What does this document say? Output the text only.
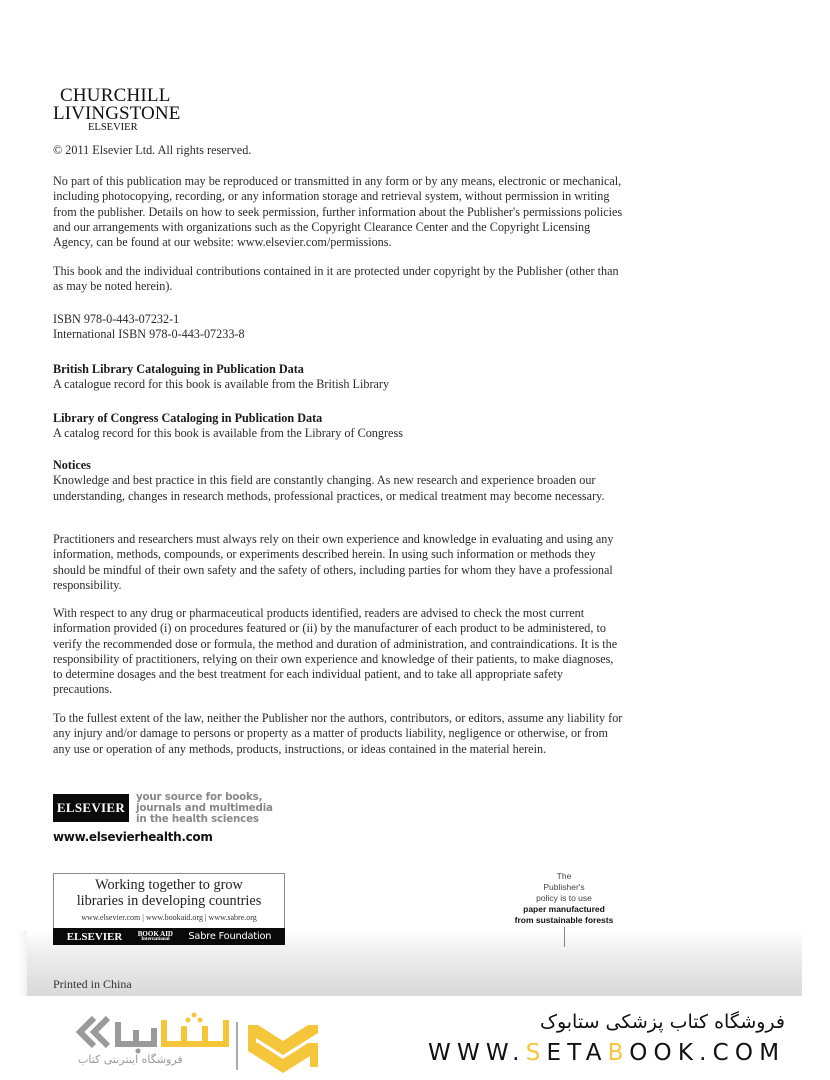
CHURCHILL
LIVINGSTONE
ELSEVIER
© 2011 Elsevier Ltd. All rights reserved.
No part of this publication may be reproduced or transmitted in any form or by any means, electronic or mechanical, including photocopying, recording, or any information storage and retrieval system, without permission in writing from the publisher. Details on how to seek permission, further information about the Publisher's permissions policies and our arrangements with organizations such as the Copyright Clearance Center and the Copyright Licensing Agency, can be found at our website: www.elsevier.com/permissions.
This book and the individual contributions contained in it are protected under copyright by the Publisher (other than as may be noted herein).

ISBN 978-0-443-07232-1

International ISBN 978-0-443-07233-8

British Library Cataloguing in Publication Data

A catalogue record for this book is available from the British Library

Library of Congress Cataloging in Publication Data

A catalog record for this book is available from the Library of Congress

Notices

Knowledge and best practice in this field are constantly changing. As new research and experience broaden our understanding, changes in research methods, professional practices, or medical treatment may become necessary.

Practitioners and researchers must always rely on their own experience and knowledge in evaluating and using any information, methods, compounds, or experiments described herein. In using such information or methods they should be mindful of their own safety and the safety of others, including parties for whom they have a professional responsibility.
With respect to any drug or pharmaceutical products identified, readers are advised to check the most current information provided (i) on procedures featured or (ii) by the manufacturer of each product to be administered, to verify the recommended dose or formula, the method and duration of administration, and contraindications. It is the responsibility of practitioners, relying on their own experience and knowledge of their patients, to make diagnoses, to determine dosages and the best treatment for each individual patient, and to take all appropriate safety precautions.
To the fullest extent of the law, neither the Publisher nor the authors, contributors, or editors, assume any liability for any injury and/or damage to persons or property as a matter of products liability, negligence or otherwise, or from any use or operation of any methods, products, instructions, or ideas contained in the material herein.
ELSEVIER
your source for books,
journals and multimedia
in the health sciences
www.elsevierhealth.com
Working together to grow
libraries in developing countries
www.elsevier.com | www.bookaid.org | www.sabre.org
ELSEVIER BOOK AID
International	Sabre Foundation
The
Publisher's
policy is to use
paper manufactured
from sustainable forests
Printed in China
فروشگاه اینترنتی کتاب
فروشگاه کتاب پزشکی ستابوک
WWW.SETABOOK.COM
